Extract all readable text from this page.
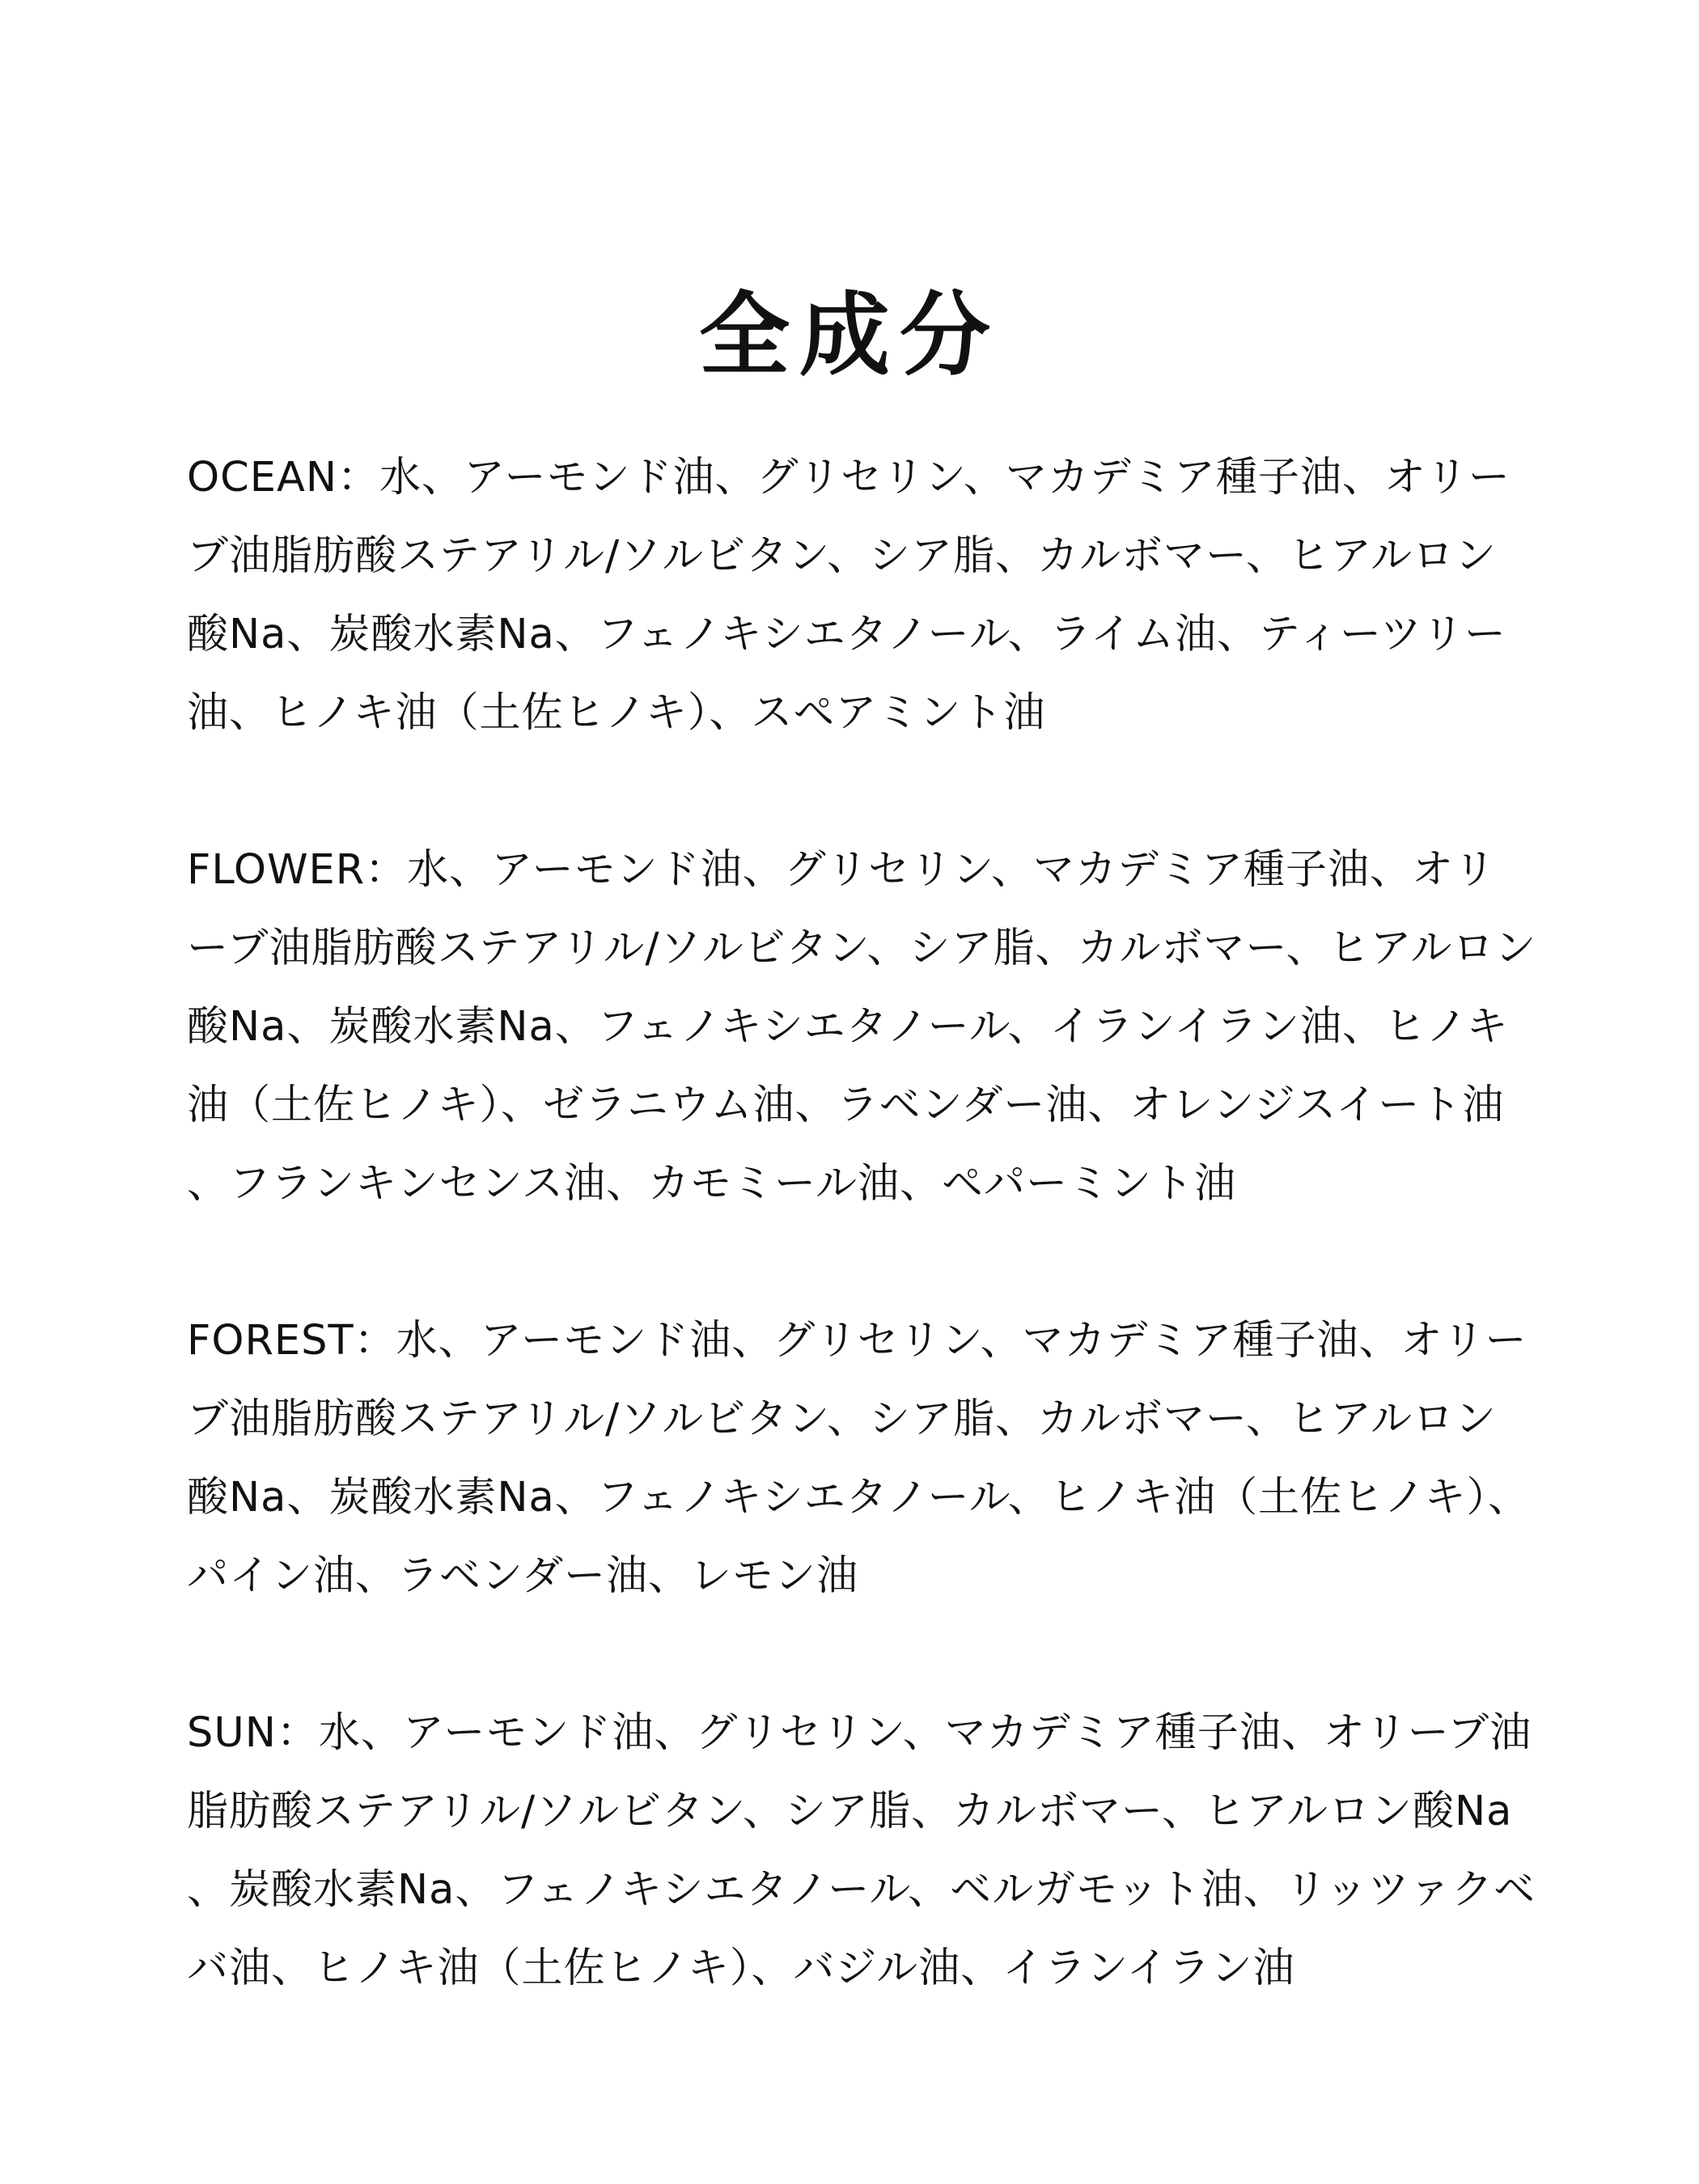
全成分

OCEAN：水、アーモンド油、グリセリン、マカデミア種子油、オリーブ油脂肪酸ステアリル/ソルビタン、シア脂、カルボマー、ヒアルロン酸Na、炭酸水素Na、フェノキシエタノール、ライム油、ティーツリー油、ヒノキ油（土佐ヒノキ）、スペアミント油

FLOWER：水、アーモンド油、グリセリン、マカデミア種子油、オリーブ油脂肪酸ステアリル/ソルビタン、シア脂、カルボマー、ヒアルロン酸Na、炭酸水素Na、フェノキシエタノール、イランイラン油、ヒノキ油（土佐ヒノキ）、ゼラニウム油、ラベンダー油、オレンジスイート油、フランキンセンス油、カモミール油、ペパーミント油

FOREST：水、アーモンド油、グリセリン、マカデミア種子油、オリーブ油脂肪酸ステアリル/ソルビタン、シア脂、カルボマー、ヒアルロン酸Na、炭酸水素Na、フェノキシエタノール、ヒノキ油（土佐ヒノキ）、パイン油、ラベンダー油、レモン油

SUN：水、アーモンド油、グリセリン、マカデミア種子油、オリーブ油脂肪酸ステアリル/ソルビタン、シア脂、カルボマー、ヒアルロン酸Na、炭酸水素Na、フェノキシエタノール、ベルガモット油、リッツァクベバ油、ヒノキ油（土佐ヒノキ）、バジル油、イランイラン油
